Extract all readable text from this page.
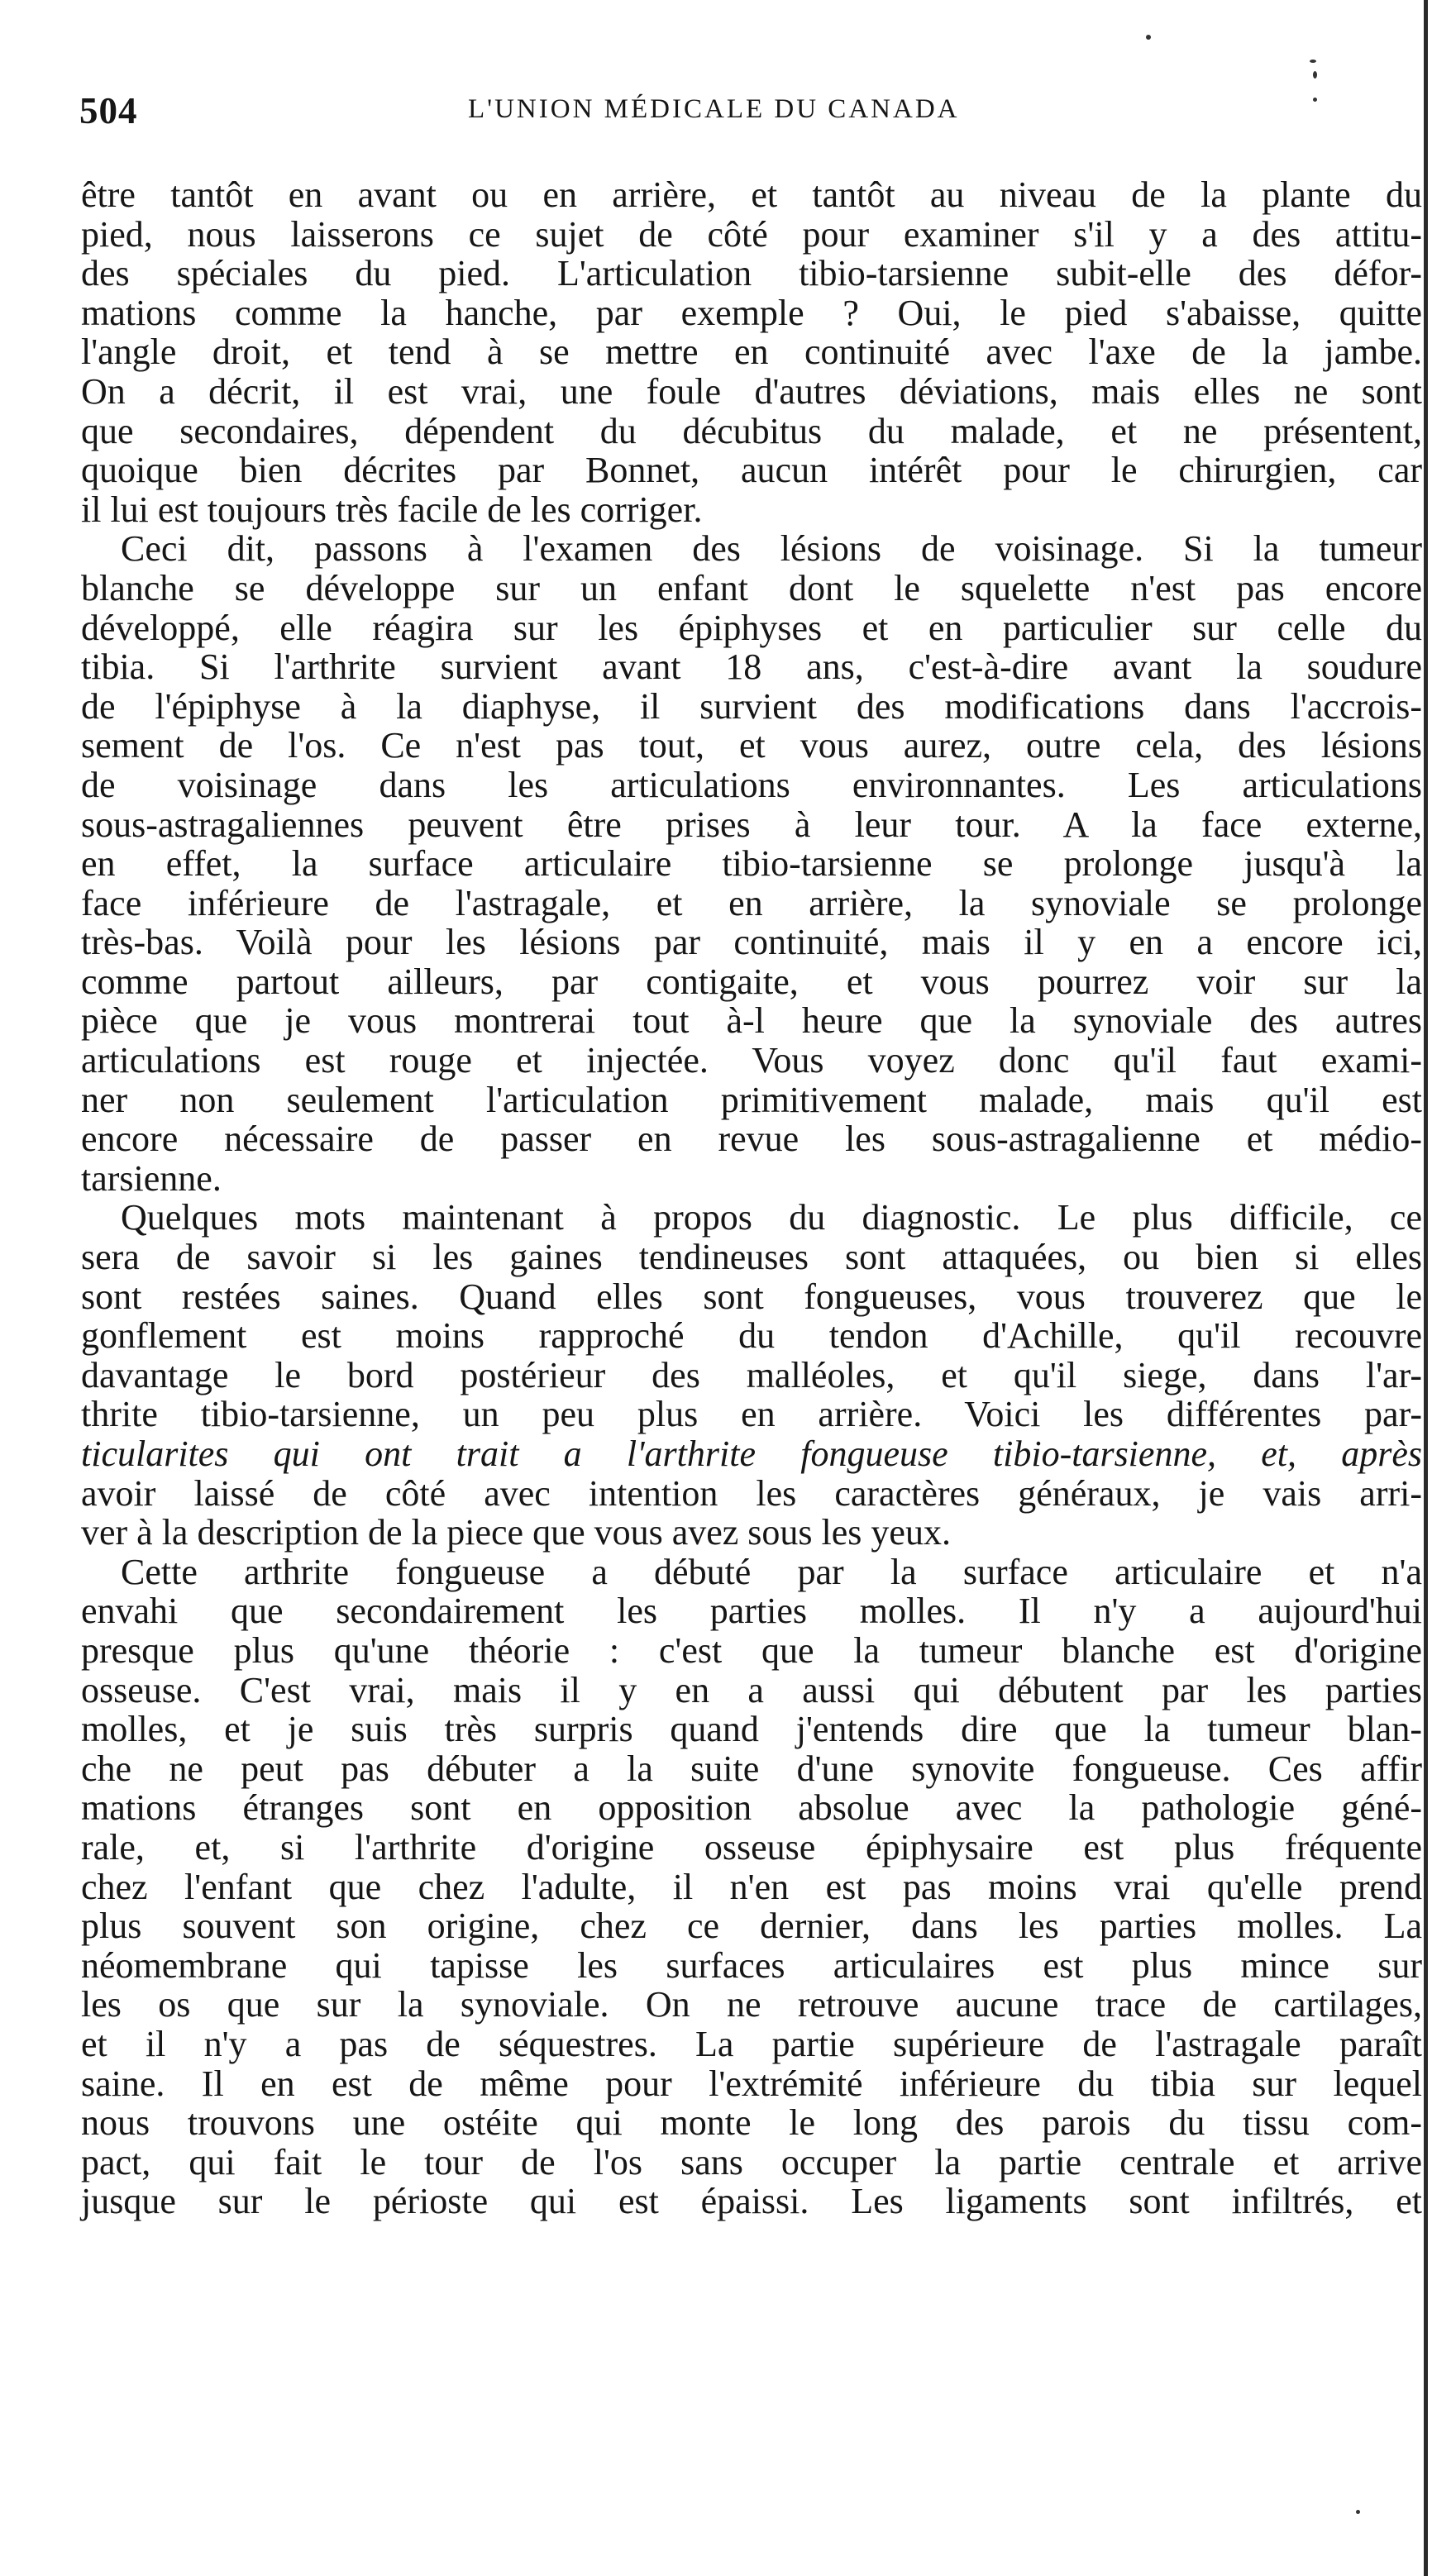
504	L'UNION MÉDICALE DU CANADA
être tantôt en avant ou en arrière, et tantôt au niveau de la plante du
pied, nous laisserons ce sujet de côté pour examiner s'il y a des attitu-
des spéciales du pied. L'articulation tibio-tarsienne subit-elle des défor-
mations comme la hanche, par exemple ? Oui, le pied s'abaisse, quitte
l'angle droit, et tend à se mettre en continuité avec l'axe de la jambe.
On a décrit, il est vrai, une foule d'autres déviations, mais elles ne sont
que secondaires, dépendent du décubitus du malade, et ne présentent,
quoique bien décrites par Bonnet, aucun intérêt pour le chirurgien, car
il lui est toujours très facile de les corriger.
Ceci dit, passons à l'examen des lésions de voisinage. Si la tumeur
blanche se développe sur un enfant dont le squelette n'est pas encore
développé, elle réagira sur les épiphyses et en particulier sur celle du
tibia. Si l'arthrite survient avant 18 ans, c'est-à-dire avant la soudure
de l'épiphyse à la diaphyse, il survient des modifications dans l'accrois-
sement de l'os. Ce n'est pas tout, et vous aurez, outre cela, des lésions
de voisinage dans les articulations environnantes. Les articulations
sous-astragaliennes peuvent être prises à leur tour. A la face externe,
en effet, la surface articulaire tibio-tarsienne se prolonge jusqu'à la
face inférieure de l'astragale, et en arrière, la synoviale se prolonge
très-bas. Voilà pour les lésions par continuité, mais il y en a encore ici,
comme partout ailleurs, par contigaite, et vous pourrez voir sur la
pièce que je vous montrerai tout à-l heure que la synoviale des autres
articulations est rouge et injectée. Vous voyez donc qu'il faut exami-
ner non seulement l'articulation primitivement malade, mais qu'il est
encore nécessaire de passer en revue les sous-astragalienne et médio-
tarsienne.
Quelques mots maintenant à propos du diagnostic. Le plus difficile, ce
sera de savoir si les gaines tendineuses sont attaquées, ou bien si elles
sont restées saines. Quand elles sont fongueuses, vous trouverez que le
gonflement est moins rapproché du tendon d'Achille, qu'il recouvre
davantage le bord postérieur des malléoles, et qu'il siege, dans l'ar-
thrite tibio-tarsienne, un peu plus en arrière. Voici les différentes par-
ticularites qui ont trait a l'arthrite fongueuse tibio-tarsienne, et, après
avoir laissé de côté avec intention les caractères généraux, je vais arri-
ver à la description de la piece que vous avez sous les yeux.
Cette arthrite fongueuse a débuté par la surface articulaire et n'a
envahi que secondairement les parties molles. Il n'y a aujourd'hui
presque plus qu'une théorie : c'est que la tumeur blanche est d'origine
osseuse. C'est vrai, mais il y en a aussi qui débutent par les parties
molles, et je suis très surpris quand j'entends dire que la tumeur blan-
che ne peut pas débuter a la suite d'une synovite fongueuse. Ces affir
mations étranges sont en opposition absolue avec la pathologie géné-
rale, et, si l'arthrite d'origine osseuse épiphysaire est plus fréquente
chez l'enfant que chez l'adulte, il n'en est pas moins vrai qu'elle prend
plus souvent son origine, chez ce dernier, dans les parties molles. La
néomembrane qui tapisse les surfaces articulaires est plus mince sur
les os que sur la synoviale. On ne retrouve aucune trace de cartilages,
et il n'y a pas de séquestres. La partie supérieure de l'astragale paraît
saine. Il en est de même pour l'extrémité inférieure du tibia sur lequel
nous trouvons une ostéite qui monte le long des parois du tissu com-
pact, qui fait le tour de l'os sans occuper la partie centrale et arrive
jusque sur le périoste qui est épaissi. Les ligaments sont infiltrés, et
